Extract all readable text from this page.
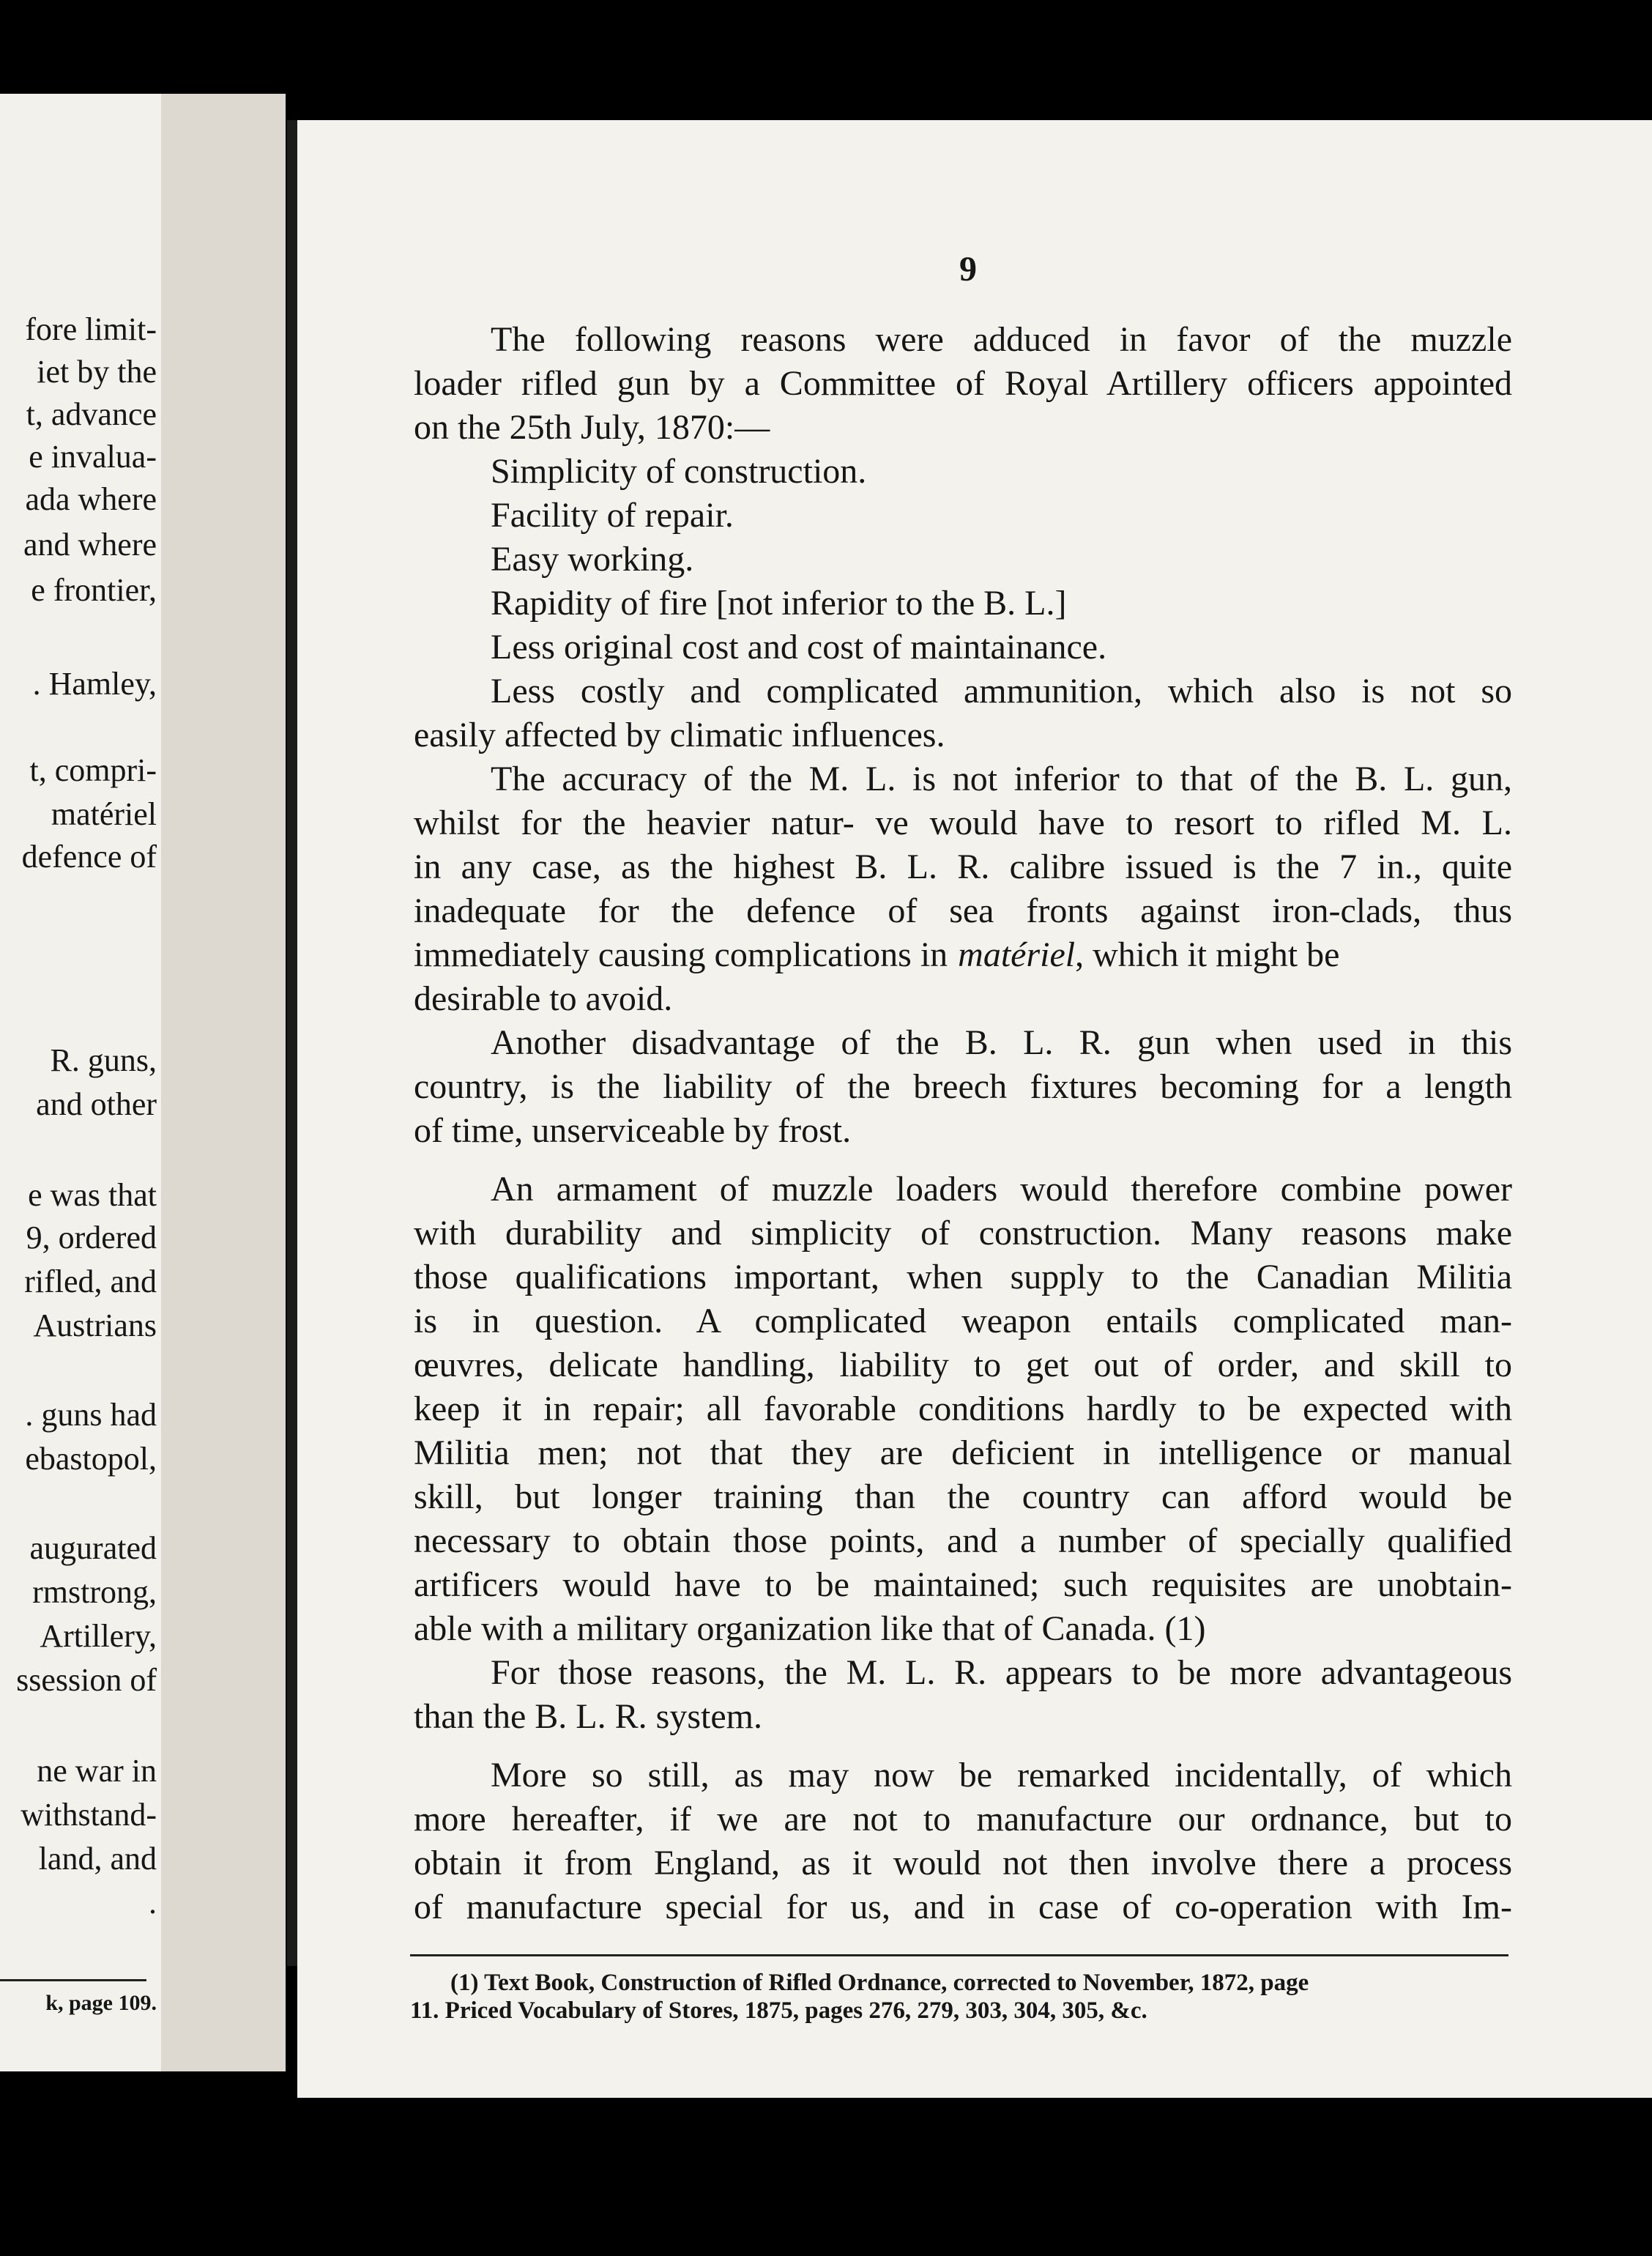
fore limit-
iet by the
t, advance
e invalua-
ada where
and where
e frontier,
. Hamley,
t, compri-
matériel
defence of
R. guns,
and other
e was that
9, ordered
rifled, and
Austrians
. guns had
ebastopol,
augurated
rmstrong,
Artillery,
ssession of
ne war in
withstand-
land, and
.
k, page 109.
9
The following reasons were adduced in favor of the muzzle
loader rifled gun by a Committee of Royal Artillery officers appointed
on the 25th July, 1870:—
Simplicity of construction.
Facility of repair.
Easy working.
Rapidity of fire [not inferior to the B. L.]
Less original cost and cost of maintainance.
Less costly and complicated ammunition, which also is not so
easily affected by climatic influences.
The accuracy of the M. L. is not inferior to that of the B. L. gun,
whilst for the heavier natur- ve would have to resort to rifled M. L.
in any case, as the highest B. L. R. calibre issued is the 7 in., quite
inadequate for the defence of sea fronts against iron-clads, thus
immediately causing complications in matériel, which it might be
desirable to avoid.
Another disadvantage of the B. L. R. gun when used in this
country, is the liability of the breech fixtures becoming for a length
of time, unserviceable by frost.
An armament of muzzle loaders would therefore combine power
with durability and simplicity of construction. Many reasons make
those qualifications important, when supply to the Canadian Militia
is in question. A complicated weapon entails complicated man-
œuvres, delicate handling, liability to get out of order, and skill to
keep it in repair; all favorable conditions hardly to be expected with
Militia men; not that they are deficient in intelligence or manual
skill, but longer training than the country can afford would be
necessary to obtain those points, and a number of specially qualified
artificers would have to be maintained; such requisites are unobtain-
able with a military organization like that of Canada. (1)
For those reasons, the M. L. R. appears to be more advantageous
than the B. L. R. system.
More so still, as may now be remarked incidentally, of which
more hereafter, if we are not to manufacture our ordnance, but to
obtain it from England, as it would not then involve there a process
of manufacture special for us, and in case of co-operation with Im-
(1) Text Book, Construction of Rifled Ordnance, corrected to November, 1872, page
11. Priced Vocabulary of Stores, 1875, pages 276, 279, 303, 304, 305, &c.
